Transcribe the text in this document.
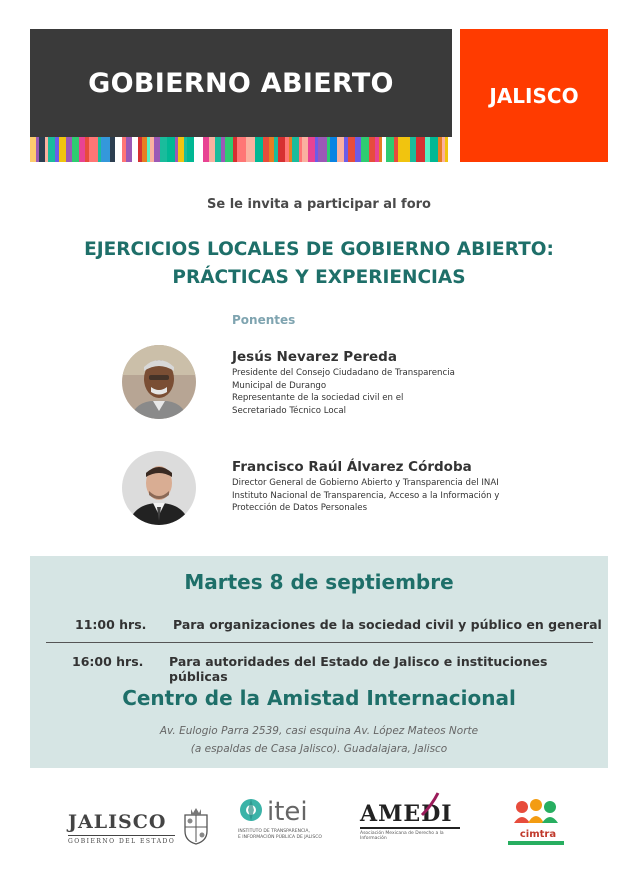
GOBIERNO ABIERTO	JALISCO
Se le invita a participar al foro
EJERCICIOS LOCALES DE GOBIERNO ABIERTO:
PRÁCTICAS Y EXPERIENCIAS
Ponentes
Jesús Nevarez Pereda
Presidente del Consejo Ciudadano de Transparencia
Municipal de Durango
Representante de la sociedad civil en el
Secretariado Técnico Local
Francisco Raúl Álvarez Córdoba
Director General de Gobierno Abierto y Transparencia del INAI
Instituto Nacional de Transparencia, Acceso a la Información y
Protección de Datos Personales
Martes 8 de septiembre
11:00 hrs. Para organizaciones de la sociedad civil y público en general
16:00 hrs. Para autoridades del Estado de Jalisco e instituciones públicas
Centro de la Amistad Internacional
Av. Eulogio Parra 2539, casi esquina Av. López Mateos Norte
(a espaldas de Casa Jalisco). Guadalajara, Jalisco
JALISCO
GOBIERNO DEL ESTADO
itei
INSTITUTO DE TRANSPARENCIA,
E INFORMACIÓN PÚBLICA DE JALISCO
AMEDI
Asociación Mexicana de Derecho a la Información	cimtra
